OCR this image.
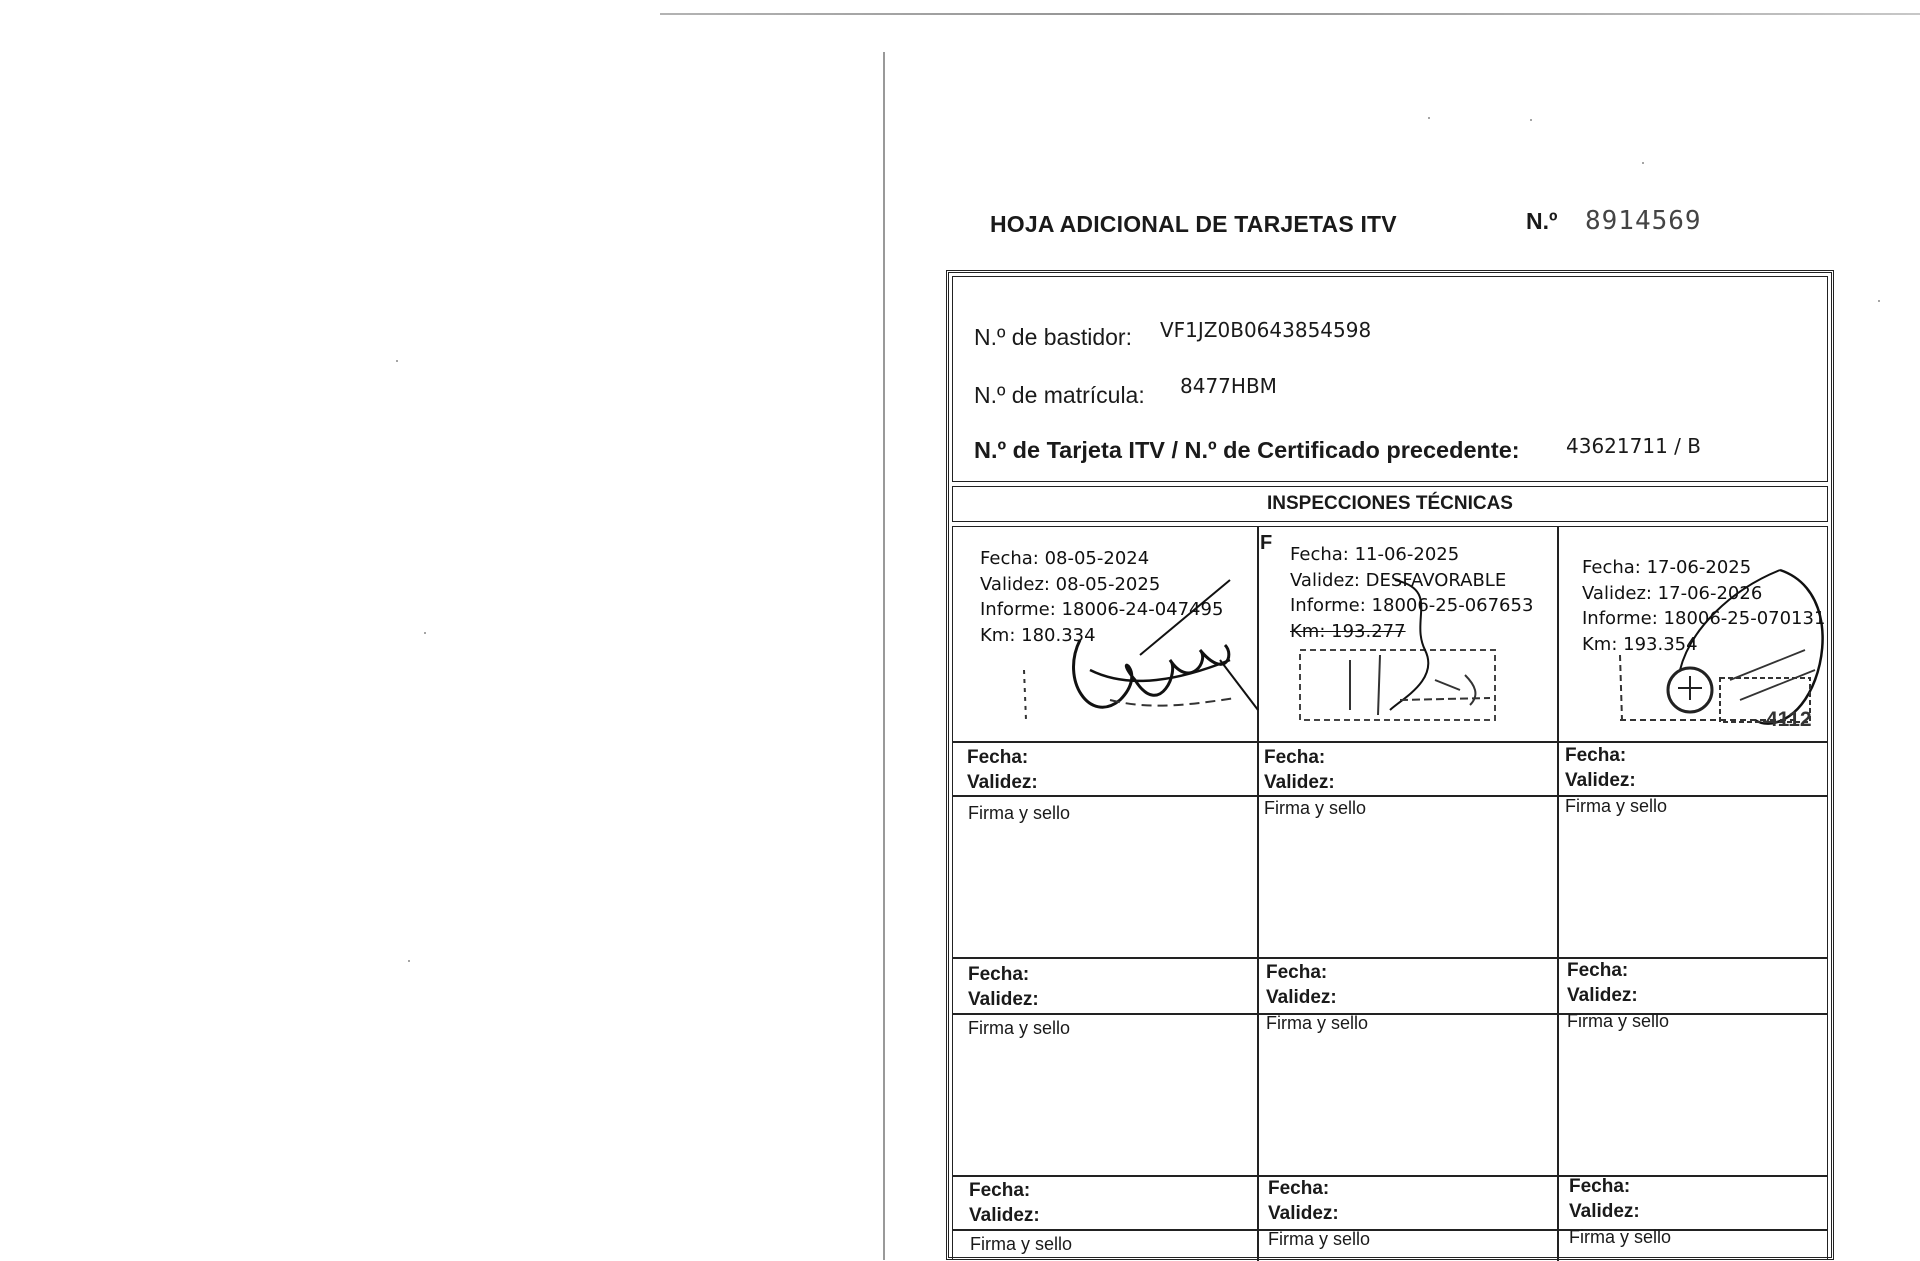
HOJA ADICIONAL DE TARJETAS ITV	N.º 8914569
N.º de bastidor: VF1JZ0B0643854598
N.º de matrícula: 8477HBM
N.º de Tarjeta ITV / N.º de Certificado precedente: 43621711 / B
INSPECCIONES TÉCNICAS
Fecha: 08-05-2024
Validez: 08-05-2025
Informe: 18006-24-047495
Km: 180.334
F
Fecha: 11-06-2025
Validez: DESFAVORABLE
Informe: 18006-25-067653
Km: 193.277
Fecha: 17-06-2025
Validez: 17-06-2026
Informe: 18006-25-070131
Km: 193.354
4112
Fecha:
Validez:
Firma y sello
Fecha:
Validez:
Firma y sello
Fecha:
Validez:
Firma y sello
Fecha:
Validez:
Firma y sello
Fecha:
Validez:
Firma y sello
Fecha:
Validez:
Firma y sello
Fecha:
Validez:
Firma y sello
Fecha:
Validez:
Firma y sello
Fecha:
Validez:
Firma y sello
